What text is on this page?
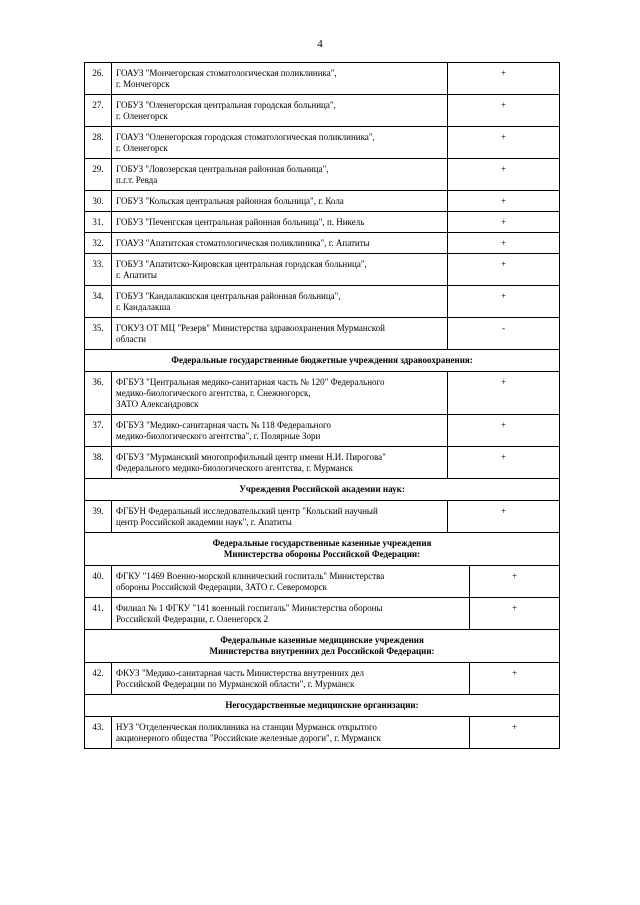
4
26.	ГОАУЗ "Мончегорская стоматологическая поликлиника",
г. Мончегорск	+	
27.	ГОБУЗ "Оленегорская центральная городская больница",
г. Оленегорск	+	
28.	ГОАУЗ "Оленегорская городская стоматологическая поликлиника",
г. Оленегорск	+	
29.	ГОБУЗ "Ловозерская центральная районная больница",
п.г.т. Ревда	+	
30.	ГОБУЗ "Кольская центральная районная больница", г. Кола	+	
31.	ГОБУЗ "Печенгская центральная районная больница", п. Никель	+	
32.	ГОАУЗ "Апатитская стоматологическая поликлиника", г. Апатиты	+	
33.	ГОБУЗ "Апатитско-Кировская центральная городская больница",
г. Апатиты	+	
34.	ГОБУЗ "Кандалакшская центральная районная больница",
г. Кандалакша	+	
35.	ГОКУЗ ОТ МЦ "Резерв" Министерства здравоохранения Мурманской
области	-	

Федеральные государственные бюджетные учреждения здравоохранения:			

36.	ФГБУЗ "Центральная медико-санитарная часть № 120" Федерального
медико-биологического агентства, г. Снежногорск,
ЗАТО Александровск	+	
37.	ФГБУЗ "Медико-санитарная часть № 118 Федерального
медико-биологического агентства", г. Полярные Зори	+	
38.	ФГБУЗ "Мурманский многопрофильный центр имени Н.И. Пирогова"
Федерального медико-биологического агентства, г. Мурманск	+	

Учреждения Российской академии наук:			

39.	ФГБУН Федеральный исследовательский центр "Кольский научный
центр Российской академии наук", г. Апатиты	+	

Федеральные государственные казенные учреждения
Министерства обороны Российской Федерации:			

40.	ФГКУ "1469 Военно-морской клинический госпиталь" Министерства
обороны Российской Федерации, ЗАТО г. Североморск		+
41.	Филиал № 1 ФГКУ "141 военный госпиталь" Министерства обороны
Российской Федерации, г. Оленегорск 2		+

Федеральные казенные медицинские учреждения
Министерства внутренних дел Российской Федерации:			

42.	ФКУЗ "Медико-санитарная часть Министерства внутренних дел
Российской Федерации по Мурманской области", г. Мурманск		+

Негосударственные медицинские организации:			

43.	НУЗ "Отделенческая поликлиника на станции Мурманск открытого
акционерного общества "Российские железные дороги", г. Мурманск		+
